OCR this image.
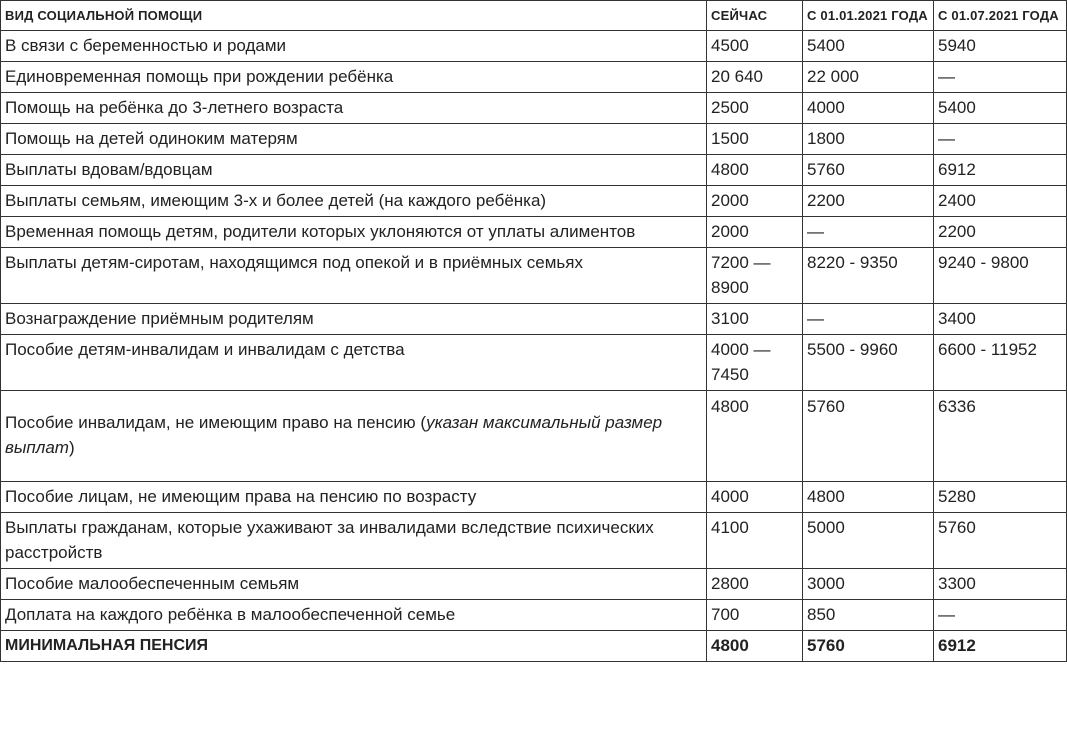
ВИД СОЦИАЛЬНОЙ ПОМОЩИ	СЕЙЧАС	С 01.01.2021 ГОДА	С 01.07.2021 ГОДА
В связи с беременностью и родами	4500	5400	5940
Единовременная помощь при рождении ребёнка	20 640	22 000	—
Помощь на ребёнка до 3-летнего возраста	2500	4000	5400
Помощь на детей одиноким матерям	1500	1800	—
Выплаты вдовам/вдовцам	4800	5760	6912
Выплаты семьям, имеющим 3-х и более детей (на каждого ребёнка)	2000	2200	2400
Временная помощь детям, родители которых уклоняются от уплаты алиментов	2000	—	2200
Выплаты детям-сиротам, находящимся под опекой и в приёмных семьях	7200 — 8900	8220 - 9350	9240 - 9800
Вознаграждение приёмным родителям	3100	—	3400
Пособие детям-инвалидам и инвалидам с детства	4000 — 7450	5500 - 9960	6600 - 11952
Пособие инвалидам, не имеющим право на пенсию (указан максимальный размер выплат)	4800	5760	6336
Пособие лицам, не имеющим права на пенсию по возрасту	4000	4800	5280
Выплаты гражданам, которые ухаживают за инвалидами вследствие психических расстройств	4100	5000	5760
Пособие малообеспеченным семьям	2800	3000	3300
Доплата на каждого ребёнка в малообеспеченной семье	700	850	—
МИНИМАЛЬНАЯ ПЕНСИЯ	4800	5760	6912
